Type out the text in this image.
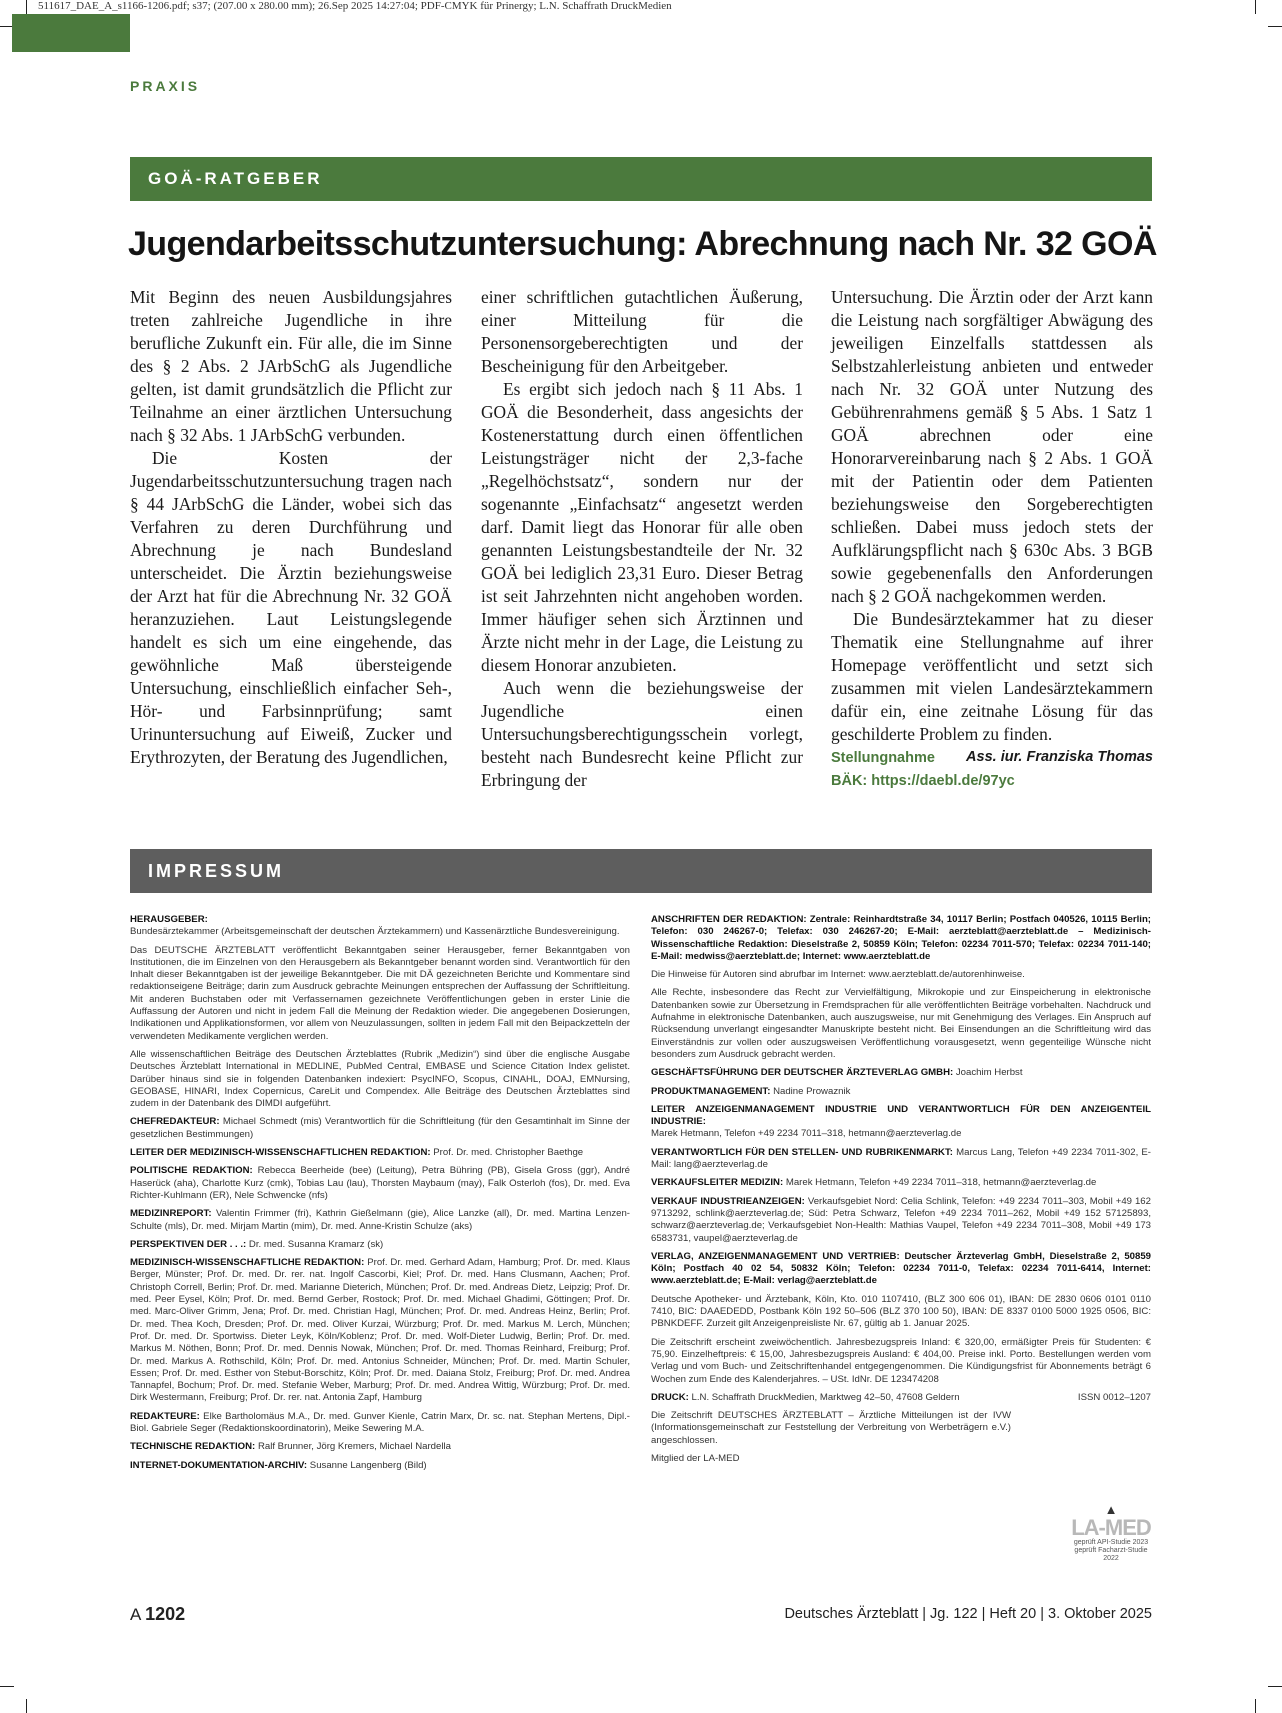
511617_DAE_A_s1166-1206.pdf; s37; (207.00 x 280.00 mm); 26.Sep 2025 14:27:04; PDF-CMYK für Prinergy; L.N. Schaffrath DruckMedien
PRAXIS
GOÄ-RATGEBER
Jugendarbeitsschutzuntersuchung: Abrechnung nach Nr. 32 GOÄ

Mit Beginn des neuen Ausbildungsjahres treten zahlreiche Jugendliche in ihre berufliche Zukunft ein. Für alle, die im Sinne des § 2 Abs. 2 JArbSchG als Jugendliche gelten, ist damit grundsätzlich die Pflicht zur Teilnahme an einer ärztlichen Untersuchung nach § 32 Abs. 1 JArbSchG verbunden.

Die Kosten der Jugendarbeitsschutzuntersuchung tragen nach § 44 JArbSchG die Länder, wobei sich das Verfahren zu deren Durchführung und Abrechnung je nach Bundesland unterscheidet. Die Ärztin beziehungsweise der Arzt hat für die Abrechnung Nr. 32 GOÄ heranzuziehen. Laut Leistungslegende handelt es sich um eine eingehende, das gewöhnliche Maß übersteigende Untersuchung, einschließlich einfacher Seh-, Hör- und Farbsinnprüfung; samt Urinuntersuchung auf Eiweiß, Zucker und Erythrozyten, der Beratung des Jugendlichen,

einer schriftlichen gutachtlichen Äußerung, einer Mitteilung für die Personensorgeberechtigten und der Bescheinigung für den Arbeitgeber.

Es ergibt sich jedoch nach § 11 Abs. 1 GOÄ die Besonderheit, dass angesichts der Kostenerstattung durch einen öffentlichen Leistungsträger nicht der 2,3-fache „Regelhöchstsatz“, sondern nur der sogenannte „Einfachsatz“ angesetzt werden darf. Damit liegt das Honorar für alle oben genannten Leistungsbestandteile der Nr. 32 GOÄ bei lediglich 23,31 Euro. Dieser Betrag ist seit Jahrzehnten nicht angehoben worden. Immer häufiger sehen sich Ärztinnen und Ärzte nicht mehr in der Lage, die Leistung zu diesem Honorar anzubieten.

Auch wenn die beziehungsweise der Jugendliche einen Untersuchungsberechtigungsschein vorlegt, besteht nach Bundesrecht keine Pflicht zur Erbringung der

Untersuchung. Die Ärztin oder der Arzt kann die Leistung nach sorgfältiger Abwägung des jeweiligen Einzelfalls stattdessen als Selbstzahlerleistung anbieten und entweder nach Nr. 32 GOÄ unter Nutzung des Gebührenrahmens gemäß § 5 Abs. 1 Satz 1 GOÄ abrechnen oder eine Honorarvereinbarung nach § 2 Abs. 1 GOÄ mit der Patientin oder dem Patienten beziehungsweise den Sorgeberechtigten schließen. Dabei muss jedoch stets der Aufklärungspflicht nach § 630c Abs. 3 BGB sowie gegebenenfalls den Anforderungen nach § 2 GOÄ nachgekommen werden.

Die Bundesärztekammer hat zu dieser Thematik eine Stellungnahme auf ihrer Homepage veröffentlicht und setzt sich zusammen mit vielen Landesärztekammern dafür ein, eine zeitnahe Lösung für das geschilderte Problem zu finden.
Ass. iur. Franziska Thomas

Stellungnahme BÄK: https://daebl.de/97yc
IMPRESSUM

HERAUSGEBER:
Bundesärztekammer (Arbeitsgemeinschaft der deutschen Ärztekammern) und Kassenärztliche Bundesvereinigung.

Das DEUTSCHE ÄRZTEBLATT veröffentlicht Bekanntgaben seiner Herausgeber, ferner Bekanntgaben von Institutionen, die im Einzelnen von den Herausgebern als Bekanntgeber benannt worden sind. Verantwortlich für den Inhalt dieser Bekanntgaben ist der jeweilige Bekanntgeber. Die mit DÄ gezeichneten Berichte und Kommentare sind redaktionseigene Beiträge; darin zum Ausdruck gebrachte Meinungen entsprechen der Auffassung der Schriftleitung. Mit anderen Buchstaben oder mit Verfassernamen gezeichnete Veröffentlichungen geben in erster Linie die Auffassung der Autoren und nicht in jedem Fall die Meinung der Redaktion wieder. Die angegebenen Dosierungen, Indikationen und Applikationsformen, vor allem von Neuzulassungen, sollten in jedem Fall mit den Beipackzetteln der verwendeten Medikamente verglichen werden.

Alle wissenschaftlichen Beiträge des Deutschen Ärzteblattes (Rubrik „Medizin“) sind über die englische Ausgabe Deutsches Ärzteblatt International in MEDLINE, PubMed Central, EMBASE und Science Citation Index gelistet. Darüber hinaus sind sie in folgenden Datenbanken indexiert: PsycINFO, Scopus, CINAHL, DOAJ, EMNursing, GEOBASE, HINARI, Index Copernicus, CareLit und Compendex. Alle Beiträge des Deutschen Ärzteblattes sind zudem in der Datenbank des DIMDI aufgeführt.

CHEFREDAKTEUR: Michael Schmedt (mis) Verantwortlich für die Schriftleitung (für den Gesamtinhalt im Sinne der gesetzlichen Bestimmungen)

LEITER DER MEDIZINISCH-WISSENSCHAFTLICHEN REDAKTION: Prof. Dr. med. Christopher Baethge

POLITISCHE REDAKTION: Rebecca Beerheide (bee) (Leitung), Petra Bühring (PB), Gisela Gross (ggr), André Haserück (aha), Charlotte Kurz (cmk), Tobias Lau (lau), Thorsten Maybaum (may), Falk Osterloh (fos), Dr. med. Eva Richter-Kuhlmann (ER), Nele Schwencke (nfs)

MEDIZINREPORT: Valentin Frimmer (fri), Kathrin Gießelmann (gie), Alice Lanzke (all), Dr. med. Martina Lenzen-Schulte (mls), Dr. med. Mirjam Martin (mim), Dr. med. Anne-Kristin Schulze (aks)

PERSPEKTIVEN DER . . .: Dr. med. Susanna Kramarz (sk)

MEDIZINISCH-WISSENSCHAFTLICHE REDAKTION: Prof. Dr. med. Gerhard Adam, Hamburg; Prof. Dr. med. Klaus Berger, Münster; Prof. Dr. med. Dr. rer. nat. Ingolf Cascorbi, Kiel; Prof. Dr. med. Hans Clusmann, Aachen; Prof. Christoph Correll, Berlin; Prof. Dr. med. Marianne Dieterich, München; Prof. Dr. med. Andreas Dietz, Leipzig; Prof. Dr. med. Peer Eysel, Köln; Prof. Dr. med. Bernd Gerber, Rostock; Prof. Dr. med. Michael Ghadimi, Göttingen; Prof. Dr. med. Marc-Oliver Grimm, Jena; Prof. Dr. med. Christian Hagl, München; Prof. Dr. med. Andreas Heinz, Berlin; Prof. Dr. med. Thea Koch, Dresden; Prof. Dr. med. Oliver Kurzai, Würzburg; Prof. Dr. med. Markus M. Lerch, München; Prof. Dr. med. Dr. Sportwiss. Dieter Leyk, Köln/Koblenz; Prof. Dr. med. Wolf-Dieter Ludwig, Berlin; Prof. Dr. med. Markus M. Nöthen, Bonn; Prof. Dr. med. Dennis Nowak, München; Prof. Dr. med. Thomas Reinhard, Freiburg; Prof. Dr. med. Markus A. Rothschild, Köln; Prof. Dr. med. Antonius Schneider, München; Prof. Dr. med. Martin Schuler, Essen; Prof. Dr. med. Esther von Stebut-Borschitz, Köln; Prof. Dr. med. Daiana Stolz, Freiburg; Prof. Dr. med. Andrea Tannapfel, Bochum; Prof. Dr. med. Stefanie Weber, Marburg; Prof. Dr. med. Andrea Wittig, Würzburg; Prof. Dr. med. Dirk Westermann, Freiburg; Prof. Dr. rer. nat. Antonia Zapf, Hamburg

REDAKTEURE: Elke Bartholomäus M.A., Dr. med. Gunver Kienle, Catrin Marx, Dr. sc. nat. Stephan Mertens, Dipl.-Biol. Gabriele Seger (Redaktionskoordinatorin), Meike Sewering M.A.

TECHNISCHE REDAKTION: Ralf Brunner, Jörg Kremers, Michael Nardella

INTERNET-DOKUMENTATION-ARCHIV: Susanne Langenberg (Bild)

ANSCHRIFTEN DER REDAKTION: Zentrale: Reinhardtstraße 34, 10117 Berlin; Postfach 040526, 10115 Berlin; Telefon: 030 246267-0; Telefax: 030 246267-20; E-Mail: aerzteblatt@aerzteblatt.de – Medizinisch-Wissenschaftliche Redaktion: Dieselstraße 2, 50859 Köln; Telefon: 02234 7011-570; Telefax: 02234 7011-140; E-Mail: medwiss@aerzteblatt.de; Internet: www.aerzteblatt.de

Die Hinweise für Autoren sind abrufbar im Internet: www.aerzteblatt.de/autorenhinweise.

Alle Rechte, insbesondere das Recht zur Vervielfältigung, Mikrokopie und zur Einspeicherung in elektronische Datenbanken sowie zur Übersetzung in Fremdsprachen für alle veröffentlichten Beiträge vorbehalten. Nachdruck und Aufnahme in elektronische Datenbanken, auch auszugsweise, nur mit Genehmigung des Verlages. Ein Anspruch auf Rücksendung unverlangt eingesandter Manuskripte besteht nicht. Bei Einsendungen an die Schriftleitung wird das Einverständnis zur vollen oder auszugsweisen Veröffentlichung vorausgesetzt, wenn gegenteilige Wünsche nicht besonders zum Ausdruck gebracht werden.

GESCHÄFTSFÜHRUNG DER DEUTSCHER ÄRZTEVERLAG GMBH: Joachim Herbst

PRODUKTMANAGEMENT: Nadine Prowaznik

LEITER ANZEIGENMANAGEMENT INDUSTRIE UND VERANTWORTLICH FÜR DEN ANZEIGENTEIL INDUSTRIE:
Marek Hetmann, Telefon +49 2234 7011–318, hetmann@aerzteverlag.de

VERANTWORTLICH FÜR DEN STELLEN- UND RUBRIKENMARKT: Marcus Lang, Telefon +49 2234 7011-302, E-Mail: lang@aerzteverlag.de

VERKAUFSLEITER MEDIZIN: Marek Hetmann, Telefon +49 2234 7011–318, hetmann@aerzteverlag.de

VERKAUF INDUSTRIEANZEIGEN: Verkaufsgebiet Nord: Celia Schlink, Telefon: +49 2234 7011–303, Mobil +49 162 9713292, schlink@aerzteverlag.de; Süd: Petra Schwarz, Telefon +49 2234 7011–262, Mobil +49 152 57125893, schwarz@aerzteverlag.de; Verkaufsgebiet Non-Health: Mathias Vaupel, Telefon +49 2234 7011–308, Mobil +49 173 6583731, vaupel@aerzteverlag.de

VERLAG, ANZEIGENMANAGEMENT UND VERTRIEB: Deutscher Ärzteverlag GmbH, Dieselstraße 2, 50859 Köln; Postfach 40 02 54, 50832 Köln; Telefon: 02234 7011-0, Telefax: 02234 7011-6414, Internet: www.aerzteblatt.de; E-Mail: verlag@aerzteblatt.de

Deutsche Apotheker- und Ärztebank, Köln, Kto. 010 1107410, (BLZ 300 606 01), IBAN: DE 2830 0606 0101 0110 7410, BIC: DAAEDEDD, Postbank Köln 192 50–506 (BLZ 370 100 50), IBAN: DE 8337 0100 5000 1925 0506, BIC: PBNKDEFF. Zurzeit gilt Anzeigenpreisliste Nr. 67, gültig ab 1. Januar 2025.

Die Zeitschrift erscheint zweiwöchentlich. Jahresbezugspreis Inland: € 320,00, ermäßigter Preis für Studenten: € 75,90. Einzelheftpreis: € 15,00, Jahresbezugspreis Ausland: € 404,00. Preise inkl. Porto. Bestellungen werden vom Verlag und vom Buch- und Zeitschriftenhandel entgegengenommen. Die Kündigungsfrist für Abonnements beträgt 6 Wochen zum Ende des Kalenderjahres. – USt. IdNr. DE 123474208

ISSN 0012–1207
DRUCK: L.N. Schaffrath DruckMedien, Marktweg 42–50, 47608 Geldern

Die Zeitschrift DEUTSCHES ÄRZTEBLATT – Ärztliche Mitteilungen ist der IVW (Informationsgemeinschaft zur Feststellung der Verbreitung von Werbeträgern e.V.) angeschlossen.

Mitglied der LA-MED

▲
LA-MED
geprüft API-Studie 2023
geprüft Facharzt-Studie 2022
A 1202	Deutsches Ärzteblatt | Jg. 122 | Heft 20 | 3. Oktober 2025
